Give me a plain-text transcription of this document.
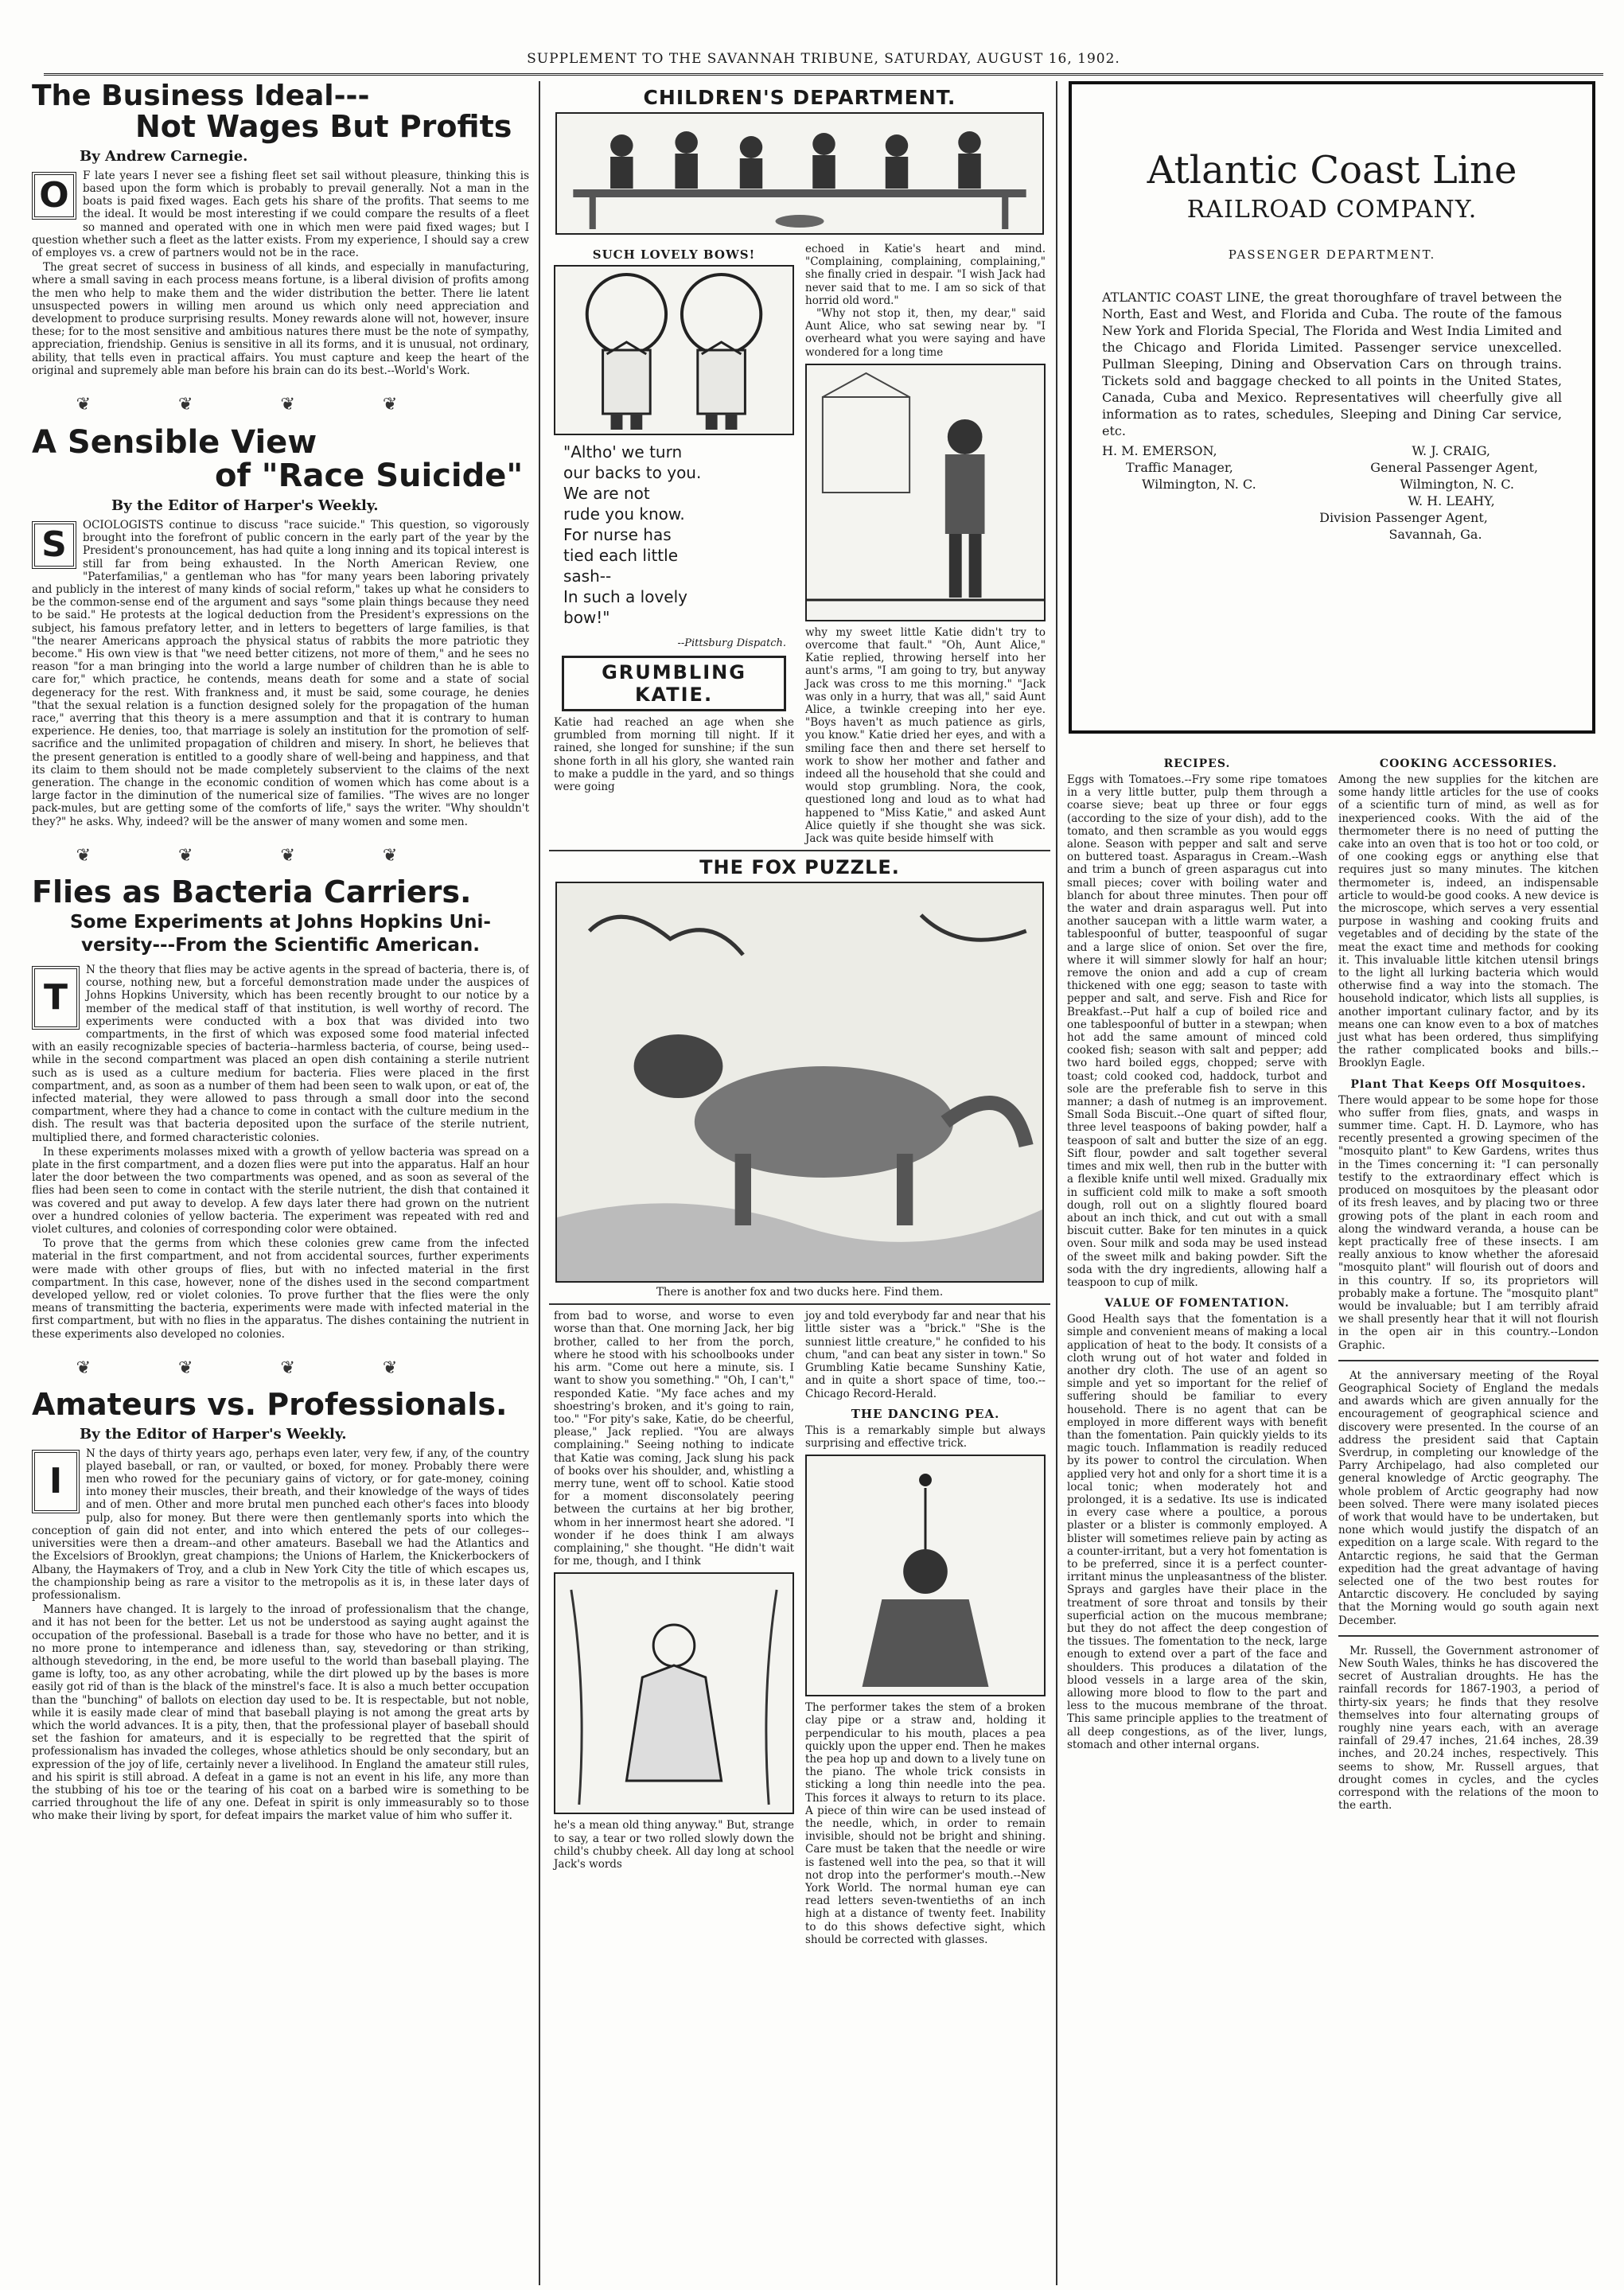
SUPPLEMENT TO THE SAVANNAH TRIBUNE, SATURDAY, AUGUST 16, 1902.
The Business Ideal---
Not Wages But Profits
By Andrew Carnegie.
O	F late years I never see a fishing fleet set sail without pleasure, thinking this is based upon the form which is probably to prevail generally. Not a man in the boats is paid fixed wages. Each gets his share of the profits. That seems to me the ideal. It would be most interesting if we could compare the results of a fleet so manned and operated with one in which men were paid fixed wages; but I question whether such a fleet as the latter exists. From my experience, I should say a crew of employes vs. a crew of partners would not be in the race.

The great secret of success in business of all kinds, and especially in manufacturing, where a small saving in each process means fortune, is a liberal division of profits among the men who help to make them and the wider distribution the better. There lie latent unsuspected powers in willing men around us which only need appreciation and development to produce surprising results. Money rewards alone will not, however, insure these; for to the most sensitive and ambitious natures there must be the note of sympathy, appreciation, friendship. Genius is sensitive in all its forms, and it is unusual, not ordinary, ability, that tells even in practical affairs. You must capture and keep the heart of the original and supremely able man before his brain can do its best.--World's Work.

❦❦❦❦
A Sensible View
of "Race Suicide"
By the Editor of Harper's Weekly.
S	OCIOLOGISTS continue to discuss "race suicide." This question, so vigorously brought into the forefront of public concern in the early part of the year by the President's pronouncement, has had quite a long inning and its topical interest is still far from being exhausted. In the North American Review, one "Paterfamilias," a gentleman who has "for many years been laboring privately and publicly in the interest of many kinds of social reform," takes up what he considers to be the common-sense end of the argument and says "some plain things because they need to be said." He protests at the logical deduction from the President's expressions on the subject, his famous prefatory letter, and in letters to begetters of large families, is that "the nearer Americans approach the physical status of rabbits the more patriotic they become." His own view is that "we need better citizens, not more of them," and he sees no reason "for a man bringing into the world a large number of children than he is able to care for," which practice, he contends, means death for some and a state of social degeneracy for the rest. With frankness and, it must be said, some courage, he denies "that the sexual relation is a function designed solely for the propagation of the human race," averring that this theory is a mere assumption and that it is contrary to human experience. He denies, too, that marriage is solely an institution for the promotion of self-sacrifice and the unlimited propagation of children and misery. In short, he believes that the present generation is entitled to a goodly share of well-being and happiness, and that its claim to them should not be made completely subservient to the claims of the next generation. The change in the economic condition of women which has come about is a large factor in the diminution of the numerical size of families. "The wives are no longer pack-mules, but are getting some of the comforts of life," says the writer. "Why shouldn't they?" he asks. Why, indeed? will be the answer of many women and some men.

❦❦❦❦
Flies as Bacteria Carriers.
Some Experiments at Johns Hopkins Uni-
versity---From the Scientific American.
T

N the theory that flies may be active agents in the spread of bacteria, there is, of course, nothing new, but a forceful demonstration made under the auspices of Johns Hopkins University, which has been recently brought to our notice by a member of the medical staff of that institution, is well worthy of record. The experiments were conducted with a box that was divided into two compartments, in the first of which was exposed some food material infected with an easily recognizable species of bacteria--harmless bacteria, of course, being used--while in the second compartment was placed an open dish containing a sterile nutrient such as is used as a culture medium for bacteria. Flies were placed in the first compartment, and, as soon as a number of them had been seen to walk upon, or eat of, the infected material, they were allowed to pass through a small door into the second compartment, where they had a chance to come in contact with the culture medium in the dish. The result was that bacteria deposited upon the surface of the sterile nutrient, multiplied there, and formed characteristic colonies.

In these experiments molasses mixed with a growth of yellow bacteria was spread on a plate in the first compartment, and a dozen flies were put into the apparatus. Half an hour later the door between the two compartments was opened, and as soon as several of the flies had been seen to come in contact with the sterile nutrient, the dish that contained it was covered and put away to develop. A few days later there had grown on the nutrient over a hundred colonies of yellow bacteria. The experiment was repeated with red and violet cultures, and colonies of corresponding color were obtained.

To prove that the germs from which these colonies grew came from the infected material in the first compartment, and not from accidental sources, further experiments were made with other groups of flies, but with no infected material in the first compartment. In this case, however, none of the dishes used in the second compartment developed yellow, red or violet colonies. To prove further that the flies were the only means of transmitting the bacteria, experiments were made with infected material in the first compartment, but with no flies in the apparatus. The dishes containing the nutrient in these experiments also developed no colonies.

❦❦❦❦
Amateurs vs. Professionals.
By the Editor of Harper's Weekly.
I

N the days of thirty years ago, perhaps even later, very few, if any, of the country played baseball, or ran, or vaulted, or boxed, for money. Probably there were men who rowed for the pecuniary gains of victory, or for gate-money, coining into money their muscles, their breath, and their knowledge of the ways of tides and of men. Other and more brutal men punched each other's faces into bloody pulp, also for money. But there were then gentlemanly sports into which the conception of gain did not enter, and into which entered the pets of our colleges--universities were then a dream--and other amateurs. Baseball we had the Atlantics and the Excelsiors of Brooklyn, great champions; the Unions of Harlem, the Knickerbockers of Albany, the Haymakers of Troy, and a club in New York City the title of which escapes us, the championship being as rare a visitor to the metropolis as it is, in these later days of professionalism.

Manners have changed. It is largely to the inroad of professionalism that the change, and it has not been for the better. Let us not be understood as saying aught against the occupation of the professional. Baseball is a trade for those who have no better, and it is no more prone to intemperance and idleness than, say, stevedoring or than striking, although stevedoring, in the end, be more useful to the world than baseball playing. The game is lofty, too, as any other acrobating, while the dirt plowed up by the bases is more easily got rid of than is the black of the minstrel's face. It is also a much better occupation than the "bunching" of ballots on election day used to be. It is respectable, but not noble, while it is easily made clear of mind that baseball playing is not among the great arts by which the world advances. It is a pity, then, that the professional player of baseball should set the fashion for amateurs, and it is especially to be regretted that the spirit of professionalism has invaded the colleges, whose athletics should be only secondary, but an expression of the joy of life, certainly never a livelihood. In England the amateur still rules, and his spirit is still abroad. A defeat in a game is not an event in his life, any more than the stubbing of his toe or the tearing of his coat on a barbed wire is something to be carried throughout the life of any one. Defeat in spirit is only immeasurably so to those who make their living by sport, for defeat impairs the market value of him who suffer it.

CHILDREN'S DEPARTMENT.
SUCH LOVELY BOWS!
"Altho' we turn
our backs to you.
We are not
rude you know.
For nurse has
tied each little
sash--
In such a lovely
bow!"
--Pittsburg Dispatch.
GRUMBLING KATIE.

Katie had reached an age when she grumbled from morning till night. If it rained, she longed for sunshine; if the sun shone forth in all his glory, she wanted rain to make a puddle in the yard, and so things were going

echoed in Katie's heart and mind. "Complaining, complaining, complaining," she finally cried in despair. "I wish Jack had never said that to me. I am so sick of that horrid old word."

"Why not stop it, then, my dear," said Aunt Alice, who sat sewing near by. "I overheard what you were saying and have wondered for a long time

why my sweet little Katie didn't try to overcome that fault." "Oh, Aunt Alice," Katie replied, throwing herself into her aunt's arms, "I am going to try, but anyway Jack was cross to me this morning." "Jack was only in a hurry, that was all," said Aunt Alice, a twinkle creeping into her eye. "Boys haven't as much patience as girls, you know." Katie dried her eyes, and with a smiling face then and there set herself to work to show her mother and father and indeed all the household that she could and would stop grumbling. Nora, the cook, questioned long and loud as to what had happened to "Miss Katie," and asked Aunt Alice quietly if she thought she was sick. Jack was quite beside himself with

THE FOX PUZZLE.
There is another fox and two ducks here. Find them.

from bad to worse, and worse to even worse than that. One morning Jack, her big brother, called to her from the porch, where he stood with his schoolbooks under his arm. "Come out here a minute, sis. I want to show you something." "Oh, I can't," responded Katie. "My face aches and my shoestring's broken, and it's going to rain, too." "For pity's sake, Katie, do be cheerful, please," Jack replied. "You are always complaining." Seeing nothing to indicate that Katie was coming, Jack slung his pack of books over his shoulder, and, whistling a merry tune, went off to school. Katie stood for a moment disconsolately peering between the curtains at her big brother, whom in her innermost heart she adored. "I wonder if he does think I am always complaining," she thought. "He didn't wait for me, though, and I think

he's a mean old thing anyway." But, strange to say, a tear or two rolled slowly down the child's chubby cheek. All day long at school Jack's words

joy and told everybody far and near that his little sister was a "brick." "She is the sunniest little creature," he confided to his chum, "and can beat any sister in town." So Grumbling Katie became Sunshiny Katie, and in quite a short space of time, too.--Chicago Record-Herald.

THE DANCING PEA.

This is a remarkably simple but always surprising and effective trick.

The performer takes the stem of a broken clay pipe or a straw and, holding it perpendicular to his mouth, places a pea quickly upon the upper end. Then he makes the pea hop up and down to a lively tune on the piano. The whole trick consists in sticking a long thin needle into the pea. This forces it always to return to its place. A piece of thin wire can be used instead of the needle, which, in order to remain invisible, should not be bright and shining. Care must be taken that the needle or wire is fastened well into the pea, so that it will not drop into the performer's mouth.--New York World. The normal human eye can read letters seven-twentieths of an inch high at a distance of twenty feet. Inability to do this shows defective sight, which should be corrected with glasses.

Atlantic Coast Line
RAILROAD COMPANY.
PASSENGER DEPARTMENT.

ATLANTIC COAST LINE, the great thoroughfare of travel between the North, East and West, and Florida and Cuba. The route of the famous New York and Florida Special, The Florida and West India Limited and the Chicago and Florida Limited. Passenger service unexcelled. Pullman Sleeping, Dining and Observation Cars on through trains. Tickets sold and baggage checked to all points in the United States, Canada, Cuba and Mexico. Representatives will cheerfully give all information as to rates, schedules, Sleeping and Dining Car service, etc.

H. M. EMERSON,	W. J. CRAIG,
Traffic Manager,	General Passenger Agent,
Wilmington, N. C.	Wilmington, N. C.
W. H. LEAHY,
Division Passenger Agent,
Savannah, Ga.
RECIPES.

Eggs with Tomatoes.--Fry some ripe tomatoes in a very little butter, pulp them through a coarse sieve; beat up three or four eggs (according to the size of your dish), add to the tomato, and then scramble as you would eggs alone. Season with pepper and salt and serve on buttered toast. Asparagus in Cream.--Wash and trim a bunch of green asparagus cut into small pieces; cover with boiling water and blanch for about three minutes. Then pour off the water and drain asparagus well. Put into another saucepan with a little warm water, a tablespoonful of butter, teaspoonful of sugar and a large slice of onion. Set over the fire, where it will simmer slowly for half an hour; remove the onion and add a cup of cream thickened with one egg; season to taste with pepper and salt, and serve. Fish and Rice for Breakfast.--Put half a cup of boiled rice and one tablespoonful of butter in a stewpan; when hot add the same amount of minced cold cooked fish; season with salt and pepper; add two hard boiled eggs, chopped; serve with toast; cold cooked cod, haddock, turbot and sole are the preferable fish to serve in this manner; a dash of nutmeg is an improvement. Small Soda Biscuit.--One quart of sifted flour, three level teaspoons of baking powder, half a teaspoon of salt and butter the size of an egg. Sift flour, powder and salt together several times and mix well, then rub in the butter with a flexible knife until well mixed. Gradually mix in sufficient cold milk to make a soft smooth dough, roll out on a slightly floured board about an inch thick, and cut out with a small biscuit cutter. Bake for ten minutes in a quick oven. Sour milk and soda may be used instead of the sweet milk and baking powder. Sift the soda with the dry ingredients, allowing half a teaspoon to cup of milk.

VALUE OF FOMENTATION.

Good Health says that the fomentation is a simple and convenient means of making a local application of heat to the body. It consists of a cloth wrung out of hot water and folded in another dry cloth. The use of an agent so simple and yet so important for the relief of suffering should be familiar to every household. There is no agent that can be employed in more different ways with benefit than the fomentation. Pain quickly yields to its magic touch. Inflammation is readily reduced by its power to control the circulation. When applied very hot and only for a short time it is a local tonic; when moderately hot and prolonged, it is a sedative. Its use is indicated in every case where a poultice, a porous plaster or a blister is commonly employed. A blister will sometimes relieve pain by acting as a counter-irritant, but a very hot fomentation is to be preferred, since it is a perfect counter-irritant minus the unpleasantness of the blister. Sprays and gargles have their place in the treatment of sore throat and tonsils by their superficial action on the mucous membrane; but they do not affect the deep congestion of the tissues. The fomentation to the neck, large enough to extend over a part of the face and shoulders. This produces a dilatation of the blood vessels in a large area of the skin, allowing more blood to flow to the part and less to the mucous membrane of the throat. This same principle applies to the treatment of all deep congestions, as of the liver, lungs, stomach and other internal organs.

COOKING ACCESSORIES.

Among the new supplies for the kitchen are some handy little articles for the use of cooks of a scientific turn of mind, as well as for inexperienced cooks. With the aid of the thermometer there is no need of putting the cake into an oven that is too hot or too cold, or of one cooking eggs or anything else that requires just so many minutes. The kitchen thermometer is, indeed, an indispensable article to would-be good cooks. A new device is the microscope, which serves a very essential purpose in washing and cooking fruits and vegetables and of deciding by the state of the meat the exact time and methods for cooking it. This invaluable little kitchen utensil brings to the light all lurking bacteria which would otherwise find a way into the stomach. The household indicator, which lists all supplies, is another important culinary factor, and by its means one can know even to a box of matches just what has been ordered, thus simplifying the rather complicated books and bills.--Brooklyn Eagle.

Plant That Keeps Off Mosquitoes.

There would appear to be some hope for those who suffer from flies, gnats, and wasps in summer time. Capt. H. D. Laymore, who has recently presented a growing specimen of the "mosquito plant" to Kew Gardens, writes thus in the Times concerning it: "I can personally testify to the extraordinary effect which is produced on mosquitoes by the pleasant odor of its fresh leaves, and by placing two or three growing pots of the plant in each room and along the windward veranda, a house can be kept practically free of these insects. I am really anxious to know whether the aforesaid "mosquito plant" will flourish out of doors and in this country. If so, its proprietors will probably make a fortune. The "mosquito plant" would be invaluable; but I am terribly afraid we shall presently hear that it will not flourish in the open air in this country.--London Graphic.

At the anniversary meeting of the Royal Geographical Society of England the medals and awards which are given annually for the encouragement of geographical science and discovery were presented. In the course of an address the president said that Captain Sverdrup, in completing our knowledge of the Parry Archipelago, had also completed our general knowledge of Arctic geography. The whole problem of Arctic geography had now been solved. There were many isolated pieces of work that would have to be undertaken, but none which would justify the dispatch of an expedition on a large scale. With regard to the Antarctic regions, he said that the German expedition had the great advantage of having selected one of the two best routes for Antarctic discovery. He concluded by saying that the Morning would go south again next December.

Mr. Russell, the Government astronomer of New South Wales, thinks he has discovered the secret of Australian droughts. He has the rainfall records for 1867-1903, a period of thirty-six years; he finds that they resolve themselves into four alternating groups of roughly nine years each, with an average rainfall of 29.47 inches, 21.64 inches, 28.39 inches, and 20.24 inches, respectively. This seems to show, Mr. Russell argues, that drought comes in cycles, and the cycles correspond with the relations of the moon to the earth.
